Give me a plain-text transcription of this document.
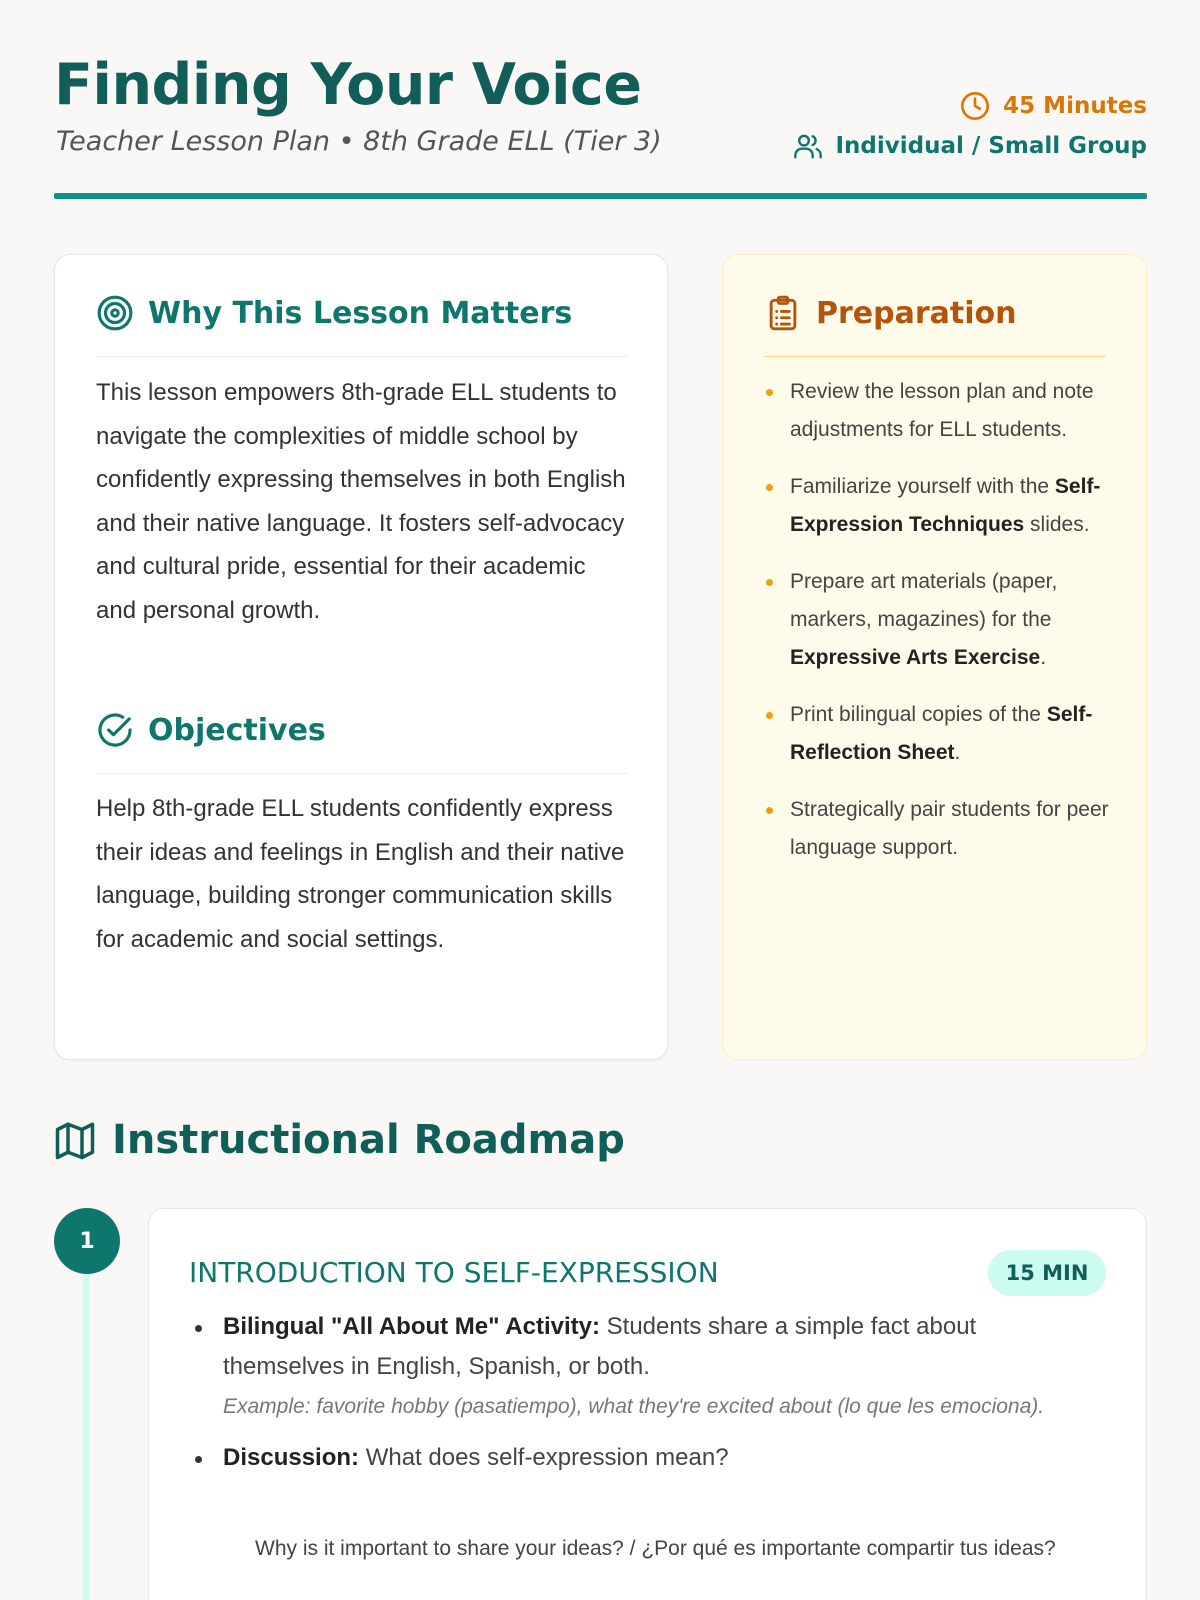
Finding Your Voice
Teacher Lesson Plan • 8th Grade ELL (Tier 3)
45 Minutes
Individual / Small Group
Why This Lesson Matters
This lesson empowers 8th-grade ELL students to navigate the complexities of middle school by confidently expressing themselves in both English and their native language. It fosters self-advocacy and cultural pride, essential for their academic and personal growth.
Objectives
Help 8th-grade ELL students confidently express their ideas and feelings in English and their native language, building stronger communication skills for academic and social settings.
Preparation
Review the lesson plan and note adjustments for ELL students.
Familiarize yourself with the Self-Expression Techniques slides.
Prepare art materials (paper, markers, magazines) for the Expressive Arts Exercise.
Print bilingual copies of the Self-Reflection Sheet.
Strategically pair students for peer language support.
Instructional Roadmap
1
INTRODUCTION TO SELF-EXPRESSION	15 MIN
Bilingual "All About Me" Activity: Students share a simple fact about themselves in English, Spanish, or both.
Example: favorite hobby (pasatiempo), what they're excited about (lo que les emociona).
Discussion: What does self-expression mean?
Why is it important to share your ideas? / ¿Por qué es importante compartir tus ideas?
